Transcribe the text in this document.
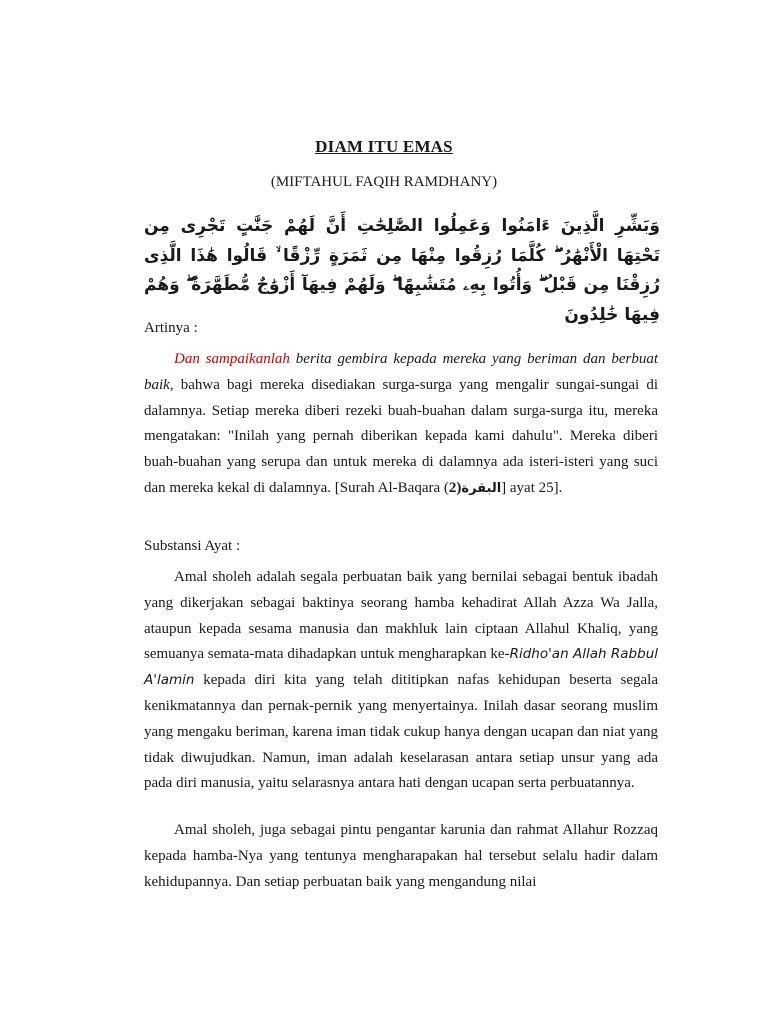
DIAM ITU EMAS
(MIFTAHUL FAQIH RAMDHANY)
وَبَشِّرِ الَّذِينَ ءَامَنُوا وَعَمِلُوا الصَّٰلِحَٰتِ أَنَّ لَهُمْ جَنَّٰتٍ تَجْرِى مِن تَحْتِهَا الْأَنْهَٰرُ ۖ كُلَّمَا رُزِقُوا مِنْهَا مِن ثَمَرَةٍ رِّزْقًا ۙ قَالُوا هَٰذَا الَّذِى رُزِقْنَا مِن قَبْلُ ۖ وَأُتُوا بِهِۦ مُتَشَٰبِهًا ۖ وَلَهُمْ فِيهَآ أَزْوَٰجٌ مُّطَهَّرَةٌ ۖ وَهُمْ فِيهَا خَٰلِدُونَ
Artinya :
Dan sampaikanlah berita gembira kepada mereka yang beriman dan berbuat baik, bahwa bagi mereka disediakan surga-surga yang mengalir sungai-sungai di dalamnya. Setiap mereka diberi rezeki buah-buahan dalam surga-surga itu, mereka mengatakan: "Inilah yang pernah diberikan kepada kami dahulu". Mereka diberi buah-buahan yang serupa dan untuk mereka di dalamnya ada isteri-isteri yang suci dan mereka kekal di dalamnya. [Surah Al-Baqara (2)البقرة] ayat 25].
Substansi Ayat :
Amal sholeh adalah segala perbuatan baik yang bernilai sebagai bentuk ibadah yang dikerjakan sebagai baktinya seorang hamba kehadirat Allah Azza Wa Jalla, ataupun kepada sesama manusia dan makhluk lain ciptaan Allahul Khaliq, yang semuanya semata-mata dihadapkan untuk mengharapkan ke-Ridho'an Allah Rabbul A'lamin kepada diri kita yang telah dititipkan nafas kehidupan beserta segala kenikmatannya dan pernak-pernik yang menyertainya. Inilah dasar seorang muslim yang mengaku beriman, karena iman tidak cukup hanya dengan ucapan dan niat yang tidak diwujudkan. Namun, iman adalah keselarasan antara setiap unsur yang ada pada diri manusia, yaitu selarasnya antara hati dengan ucapan serta perbuatannya.
Amal sholeh, juga sebagai pintu pengantar karunia dan rahmat Allahur Rozzaq kepada hamba-Nya yang tentunya mengharapakan hal tersebut selalu hadir dalam kehidupannya. Dan setiap perbuatan baik yang mengandung nilai
